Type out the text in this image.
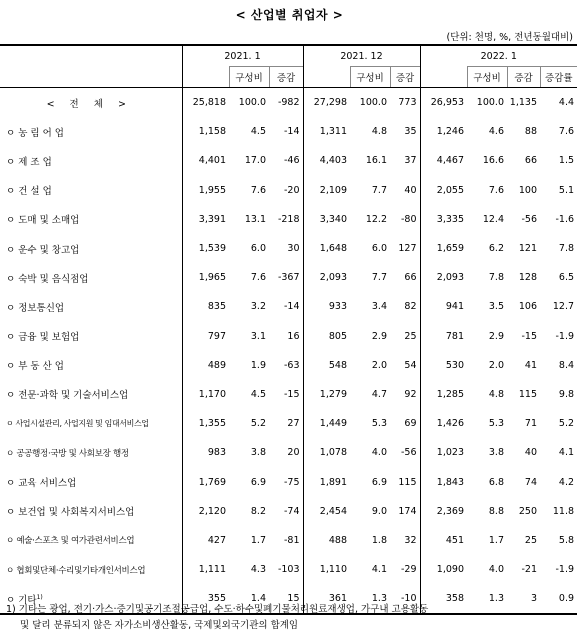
< 산업별 취업자 >
(단위: 천명, %, 전년동월대비)
	2021. 1			2021. 12			2022. 1			
		구성비	증감		구성비	증감		구성비	증감	증감률
< 전 체 >	25,818	100.0	-982	27,298	100.0	773	26,953	100.0	1,135	4.4
ㅇ 농 림 어 업	1,158	4.5	-14	1,311	4.8	35	1,246	4.6	88	7.6
ㅇ 제 조 업	4,401	17.0	-46	4,403	16.1	37	4,467	16.6	66	1.5
ㅇ 건 설 업	1,955	7.6	-20	2,109	7.7	40	2,055	7.6	100	5.1
ㅇ 도매 및 소매업	3,391	13.1	-218	3,340	12.2	-80	3,335	12.4	-56	-1.6
ㅇ 운수 및 창고업	1,539	6.0	30	1,648	6.0	127	1,659	6.2	121	7.8
ㅇ 숙박 및 음식점업	1,965	7.6	-367	2,093	7.7	66	2,093	7.8	128	6.5
ㅇ 정보통신업	835	3.2	-14	933	3.4	82	941	3.5	106	12.7
ㅇ 금융 및 보험업	797	3.1	16	805	2.9	25	781	2.9	-15	-1.9
ㅇ 부 동 산 업	489	1.9	-63	548	2.0	54	530	2.0	41	8.4
ㅇ 전문·과학 및 기술서비스업	1,170	4.5	-15	1,279	4.7	92	1,285	4.8	115	9.8
ㅇ 사업시설관리, 사업지원 및 임대서비스업	1,355	5.2	27	1,449	5.3	69	1,426	5.3	71	5.2
ㅇ 공공행정·국방 및 사회보장 행정	983	3.8	20	1,078	4.0	-56	1,023	3.8	40	4.1
ㅇ 교육 서비스업	1,769	6.9	-75	1,891	6.9	115	1,843	6.8	74	4.2
ㅇ 보건업 및 사회복지서비스업	2,120	8.2	-74	2,454	9.0	174	2,369	8.8	250	11.8
ㅇ 예술·스포츠 및 여가관련서비스업	427	1.7	-81	488	1.8	32	451	1.7	25	5.8
ㅇ 협회및단체·수리및기타개인서비스업	1,111	4.3	-103	1,110	4.1	-29	1,090	4.0	-21	-1.9
ㅇ 기타$^{1)}$	355	1.4	15	361	1.3	-10	358	1.3	3	0.9
1) 기타는 광업, 전기·가스·증기및공기조절공급업, 수도·하수및폐기물처리원료재생업, 가구내 고용활동
및 달리 분류되지 않은 자가소비생산활동, 국제및외국기관의 합계임
